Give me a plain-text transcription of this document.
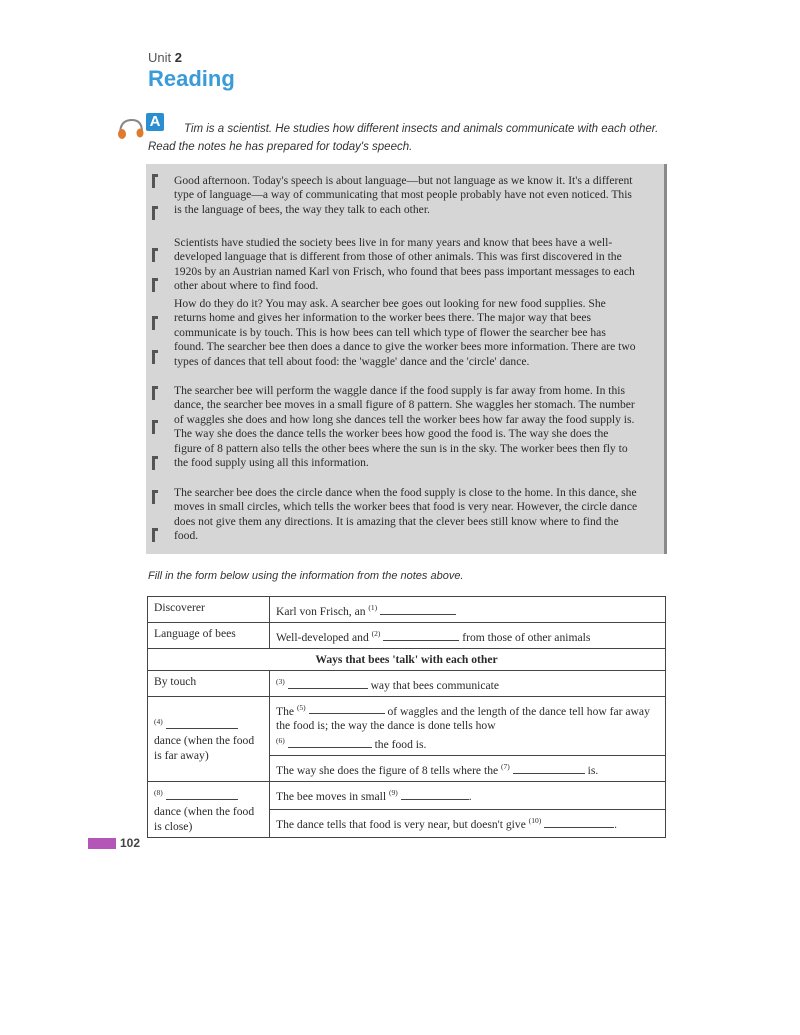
Unit 2
Reading
A	Tim is a scientist. He studies how different insects and animals communicate with each other.
Read the notes he has prepared for today's speech.
Good afternoon. Today's speech is about language—but not language as we know it. It's a different type of language—a way of communicating that most people probably have not even noticed. This is the language of bees, the way they talk to each other.
Scientists have studied the society bees live in for many years and know that bees have a well-developed language that is different from those of other animals. This was first discovered in the 1920s by an Austrian named Karl von Frisch, who found that bees pass important messages to each other about where to find food.
How do they do it? You may ask. A searcher bee goes out looking for new food supplies. She returns home and gives her information to the worker bees there. The major way that bees communicate is by touch. This is how bees can tell which type of flower the searcher bee has found. The searcher bee then does a dance to give the worker bees more information. There are two types of dances that tell about food: the 'waggle' dance and the 'circle' dance.
The searcher bee will perform the waggle dance if the food supply is far away from home. In this dance, the searcher bee moves in a small figure of 8 pattern. She waggles her stomach. The number of waggles she does and how long she dances tell the worker bees how far away the food supply is. The way she does the dance tells the worker bees how good the food is. The way she does the figure of 8 pattern also tells the other bees where the sun is in the sky. The worker bees then fly to the food supply using all this information.
The searcher bee does the circle dance when the food supply is close to the home. In this dance, she moves in small circles, which tells the worker bees that food is very near. However, the circle dance does not give them any directions. It is amazing that the clever bees still know where to find the food.
Fill in the form below using the information from the notes above.
Discoverer	Karl von Frisch, an $^{(1)}$
Language of bees	Well-developed and $^{(2)}$ from those of other animals
Ways that bees 'talk' with each other	
By touch	$^{(3)}$ way that bees communicate
$^{(4)}$
dance (when the food is far away)	The $^{(5)}$ of waggles and the length of the dance tell how far away the food is; the way the dance is done tells how
$^{(6)}$ the food is.
	The way she does the figure of 8 tells where the $^{(7)}$ is.
$^{(8)}$
dance (when the food is close)	The bee moves in small $^{(9)}$ .
	The dance tells that food is very near, but doesn't give $^{(10)}$ .
102
